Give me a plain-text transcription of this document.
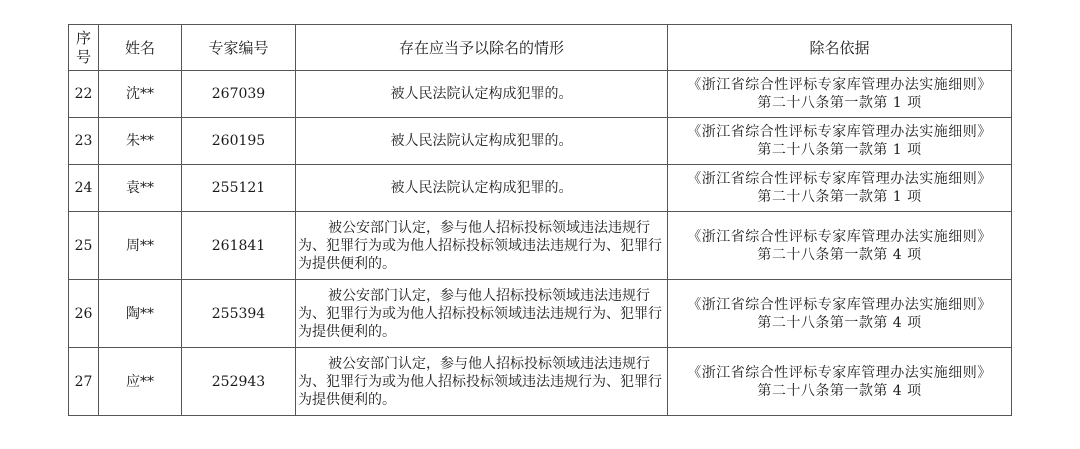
序
号	姓名	专家编号	存在应当予以除名的情形	除名依据
22	沈**	267039	被人民法院认定构成犯罪的。	《浙江省综合性评标专家库管理办法实施细则》
第二十八条第一款第 1 项

23	朱**	260195	被人民法院认定构成犯罪的。	《浙江省综合性评标专家库管理办法实施细则》
第二十八条第一款第 1 项

24	袁**	255121	被人民法院认定构成犯罪的。	《浙江省综合性评标专家库管理办法实施细则》
第二十八条第一款第 1 项

25	周**	261841	被公安部门认定，参与他人招标投标领域违法违规行为、犯罪行为或为他人招标投标领域违法违规行为、犯罪行为提供便利的。	《浙江省综合性评标专家库管理办法实施细则》
第二十八条第一款第 4 项

26	陶**	255394	被公安部门认定，参与他人招标投标领域违法违规行为、犯罪行为或为他人招标投标领域违法违规行为、犯罪行为提供便利的。	《浙江省综合性评标专家库管理办法实施细则》
第二十八条第一款第 4 项

27	应**	252943	被公安部门认定，参与他人招标投标领域违法违规行为、犯罪行为或为他人招标投标领域违法违规行为、犯罪行为提供便利的。	《浙江省综合性评标专家库管理办法实施细则》
第二十八条第一款第 4 项
